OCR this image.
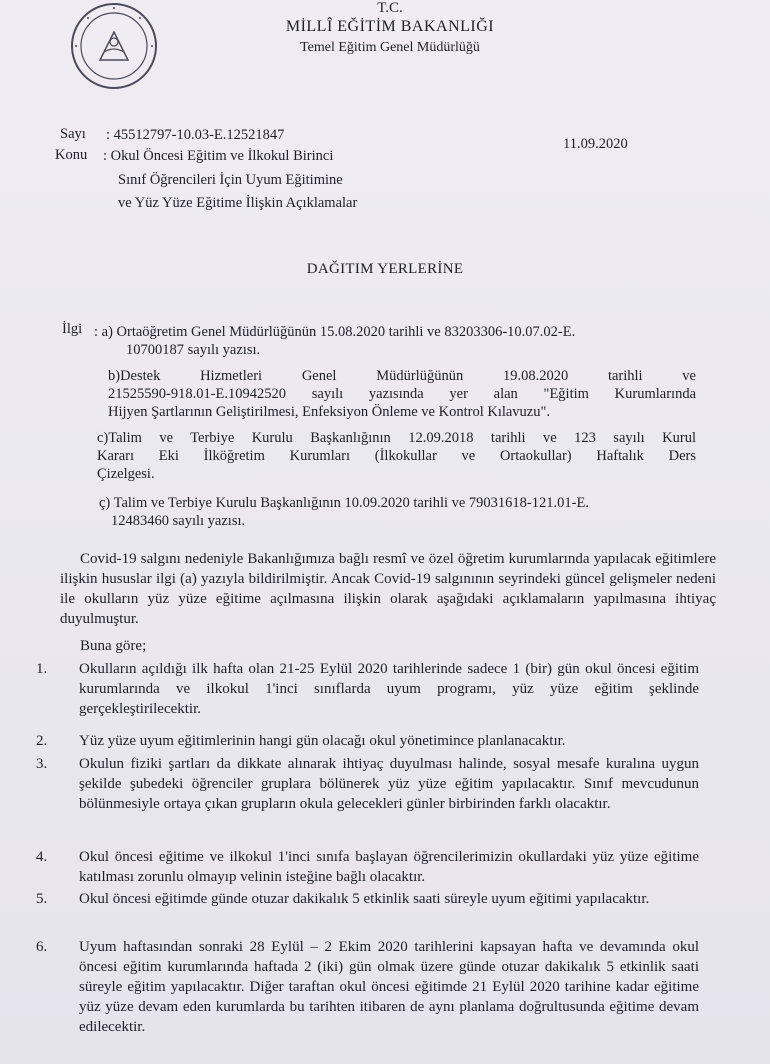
T.C.
MİLLÎ EĞİTİM BAKANLIĞI
Temel Eğitim Genel Müdürlüğü
Sayı : 45512797-10.03-E.12521847
Konu : Okul Öncesi Eğitim ve İlkokul Birinci
Sınıf Öğrencileri İçin Uyum Eğitimine
ve Yüz Yüze Eğitime İlişkin Açıklamalar
11.09.2020
DAĞITIM YERLERİNE
İlgi : a) Ortaöğretim Genel Müdürlüğünün 15.08.2020 tarihli ve 83203306-10.07.02-E.
10700187 sayılı yazısı.
b)Destek Hizmetleri Genel Müdürlüğünün 19.08.2020 tarihli ve
21525590-918.01-E.10942520 sayılı yazısında yer alan "Eğitim Kurumlarında
Hijyen Şartlarının Geliştirilmesi, Enfeksiyon Önleme ve Kontrol Kılavuzu".
c)Talim ve Terbiye Kurulu Başkanlığının 12.09.2018 tarihli ve 123 sayılı Kurul
Kararı Eki İlköğretim Kurumları (İlkokullar ve Ortaokullar) Haftalık Ders
Çizelgesi.
ç) Talim ve Terbiye Kurulu Başkanlığının 10.09.2020 tarihli ve 79031618-121.01-E.
12483460 sayılı yazısı.
Covid-19 salgını nedeniyle Bakanlığımıza bağlı resmî ve özel öğretim kurumlarında yapılacak eğitimlere ilişkin hususlar ilgi (a) yazıyla bildirilmiştir. Ancak Covid-19 salgınının seyrindeki güncel gelişmeler nedeni ile okulların yüz yüze eğitime açılmasına ilişkin olarak aşağıdaki açıklamaların yapılmasına ihtiyaç duyulmuştur.
Buna göre;
1. Okulların açıldığı ilk hafta olan 21-25 Eylül 2020 tarihlerinde sadece 1 (bir) gün okul öncesi eğitim kurumlarında ve ilkokul 1'inci sınıflarda uyum programı, yüz yüze eğitim şeklinde gerçekleştirilecektir.
2. Yüz yüze uyum eğitimlerinin hangi gün olacağı okul yönetimince planlanacaktır.
3. Okulun fiziki şartları da dikkate alınarak ihtiyaç duyulması halinde, sosyal mesafe kuralına uygun şekilde şubedeki öğrenciler gruplara bölünerek yüz yüze eğitim yapılacaktır. Sınıf mevcudunun bölünmesiyle ortaya çıkan grupların okula gelecekleri günler birbirinden farklı olacaktır.
4. Okul öncesi eğitime ve ilkokul 1'inci sınıfa başlayan öğrencilerimizin okullardaki yüz yüze eğitime katılması zorunlu olmayıp velinin isteğine bağlı olacaktır.
5. Okul öncesi eğitimde günde otuzar dakikalık 5 etkinlik saati süreyle uyum eğitimi yapılacaktır.
6. Uyum haftasından sonraki 28 Eylül – 2 Ekim 2020 tarihlerini kapsayan hafta ve devamında okul öncesi eğitim kurumlarında haftada 2 (iki) gün olmak üzere günde otuzar dakikalık 5 etkinlik saati süreyle eğitim yapılacaktır. Diğer taraftan okul öncesi eğitimde 21 Eylül 2020 tarihine kadar eğitime yüz yüze devam eden kurumlarda bu tarihten itibaren de aynı planlama doğrultusunda eğitime devam edilecektir.
